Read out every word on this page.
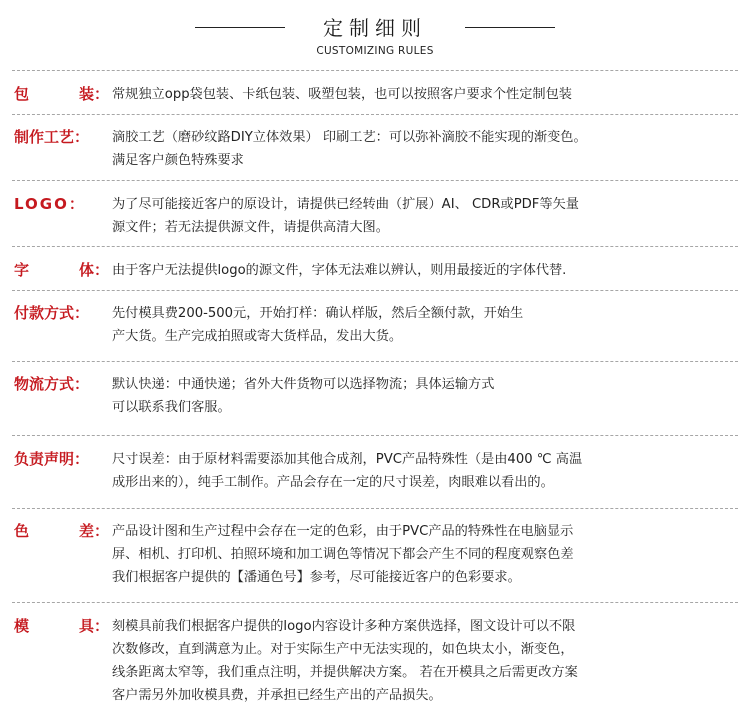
定制细则
CUSTOMIZING RULES
包	装： 常规独立opp袋包装、卡纸包装、吸塑包装，也可以按照客户要求个性定制包装
制作工艺：	滴胶工艺（磨砂纹路DIY立体效果） 印刷工艺：可以弥补滴胶不能实现的渐变色。
满足客户颜色特殊要求
LOGO：	为了尽可能接近客户的原设计，请提供已经转曲（扩展）AI、 CDR或PDF等矢量
源文件；若无法提供源文件，请提供高清大图。
字	体： 由于客户无法提供logo的源文件，字体无法难以辨认，则用最接近的字体代替.
付款方式：	先付模具费200-500元，开始打样：确认样版，然后全额付款，开始生
产大货。生产完成拍照或寄大货样品，发出大货。
物流方式：	默认快递：中通快递；省外大件货物可以选择物流；具体运输方式
可以联系我们客服。
负责声明：	尺寸误差：由于原材料需要添加其他合成剂，PVC产品特殊性（是由400 ℃ 高温
成形出来的），纯手工制作。产品会存在一定的尺寸误差，肉眼难以看出的。
色	差： 产品设计图和生产过程中会存在一定的色彩，由于PVC产品的特殊性在电脑显示
屏、相机、打印机、拍照环境和加工调色等情况下都会产生不同的程度观察色差
我们根据客户提供的【潘通色号】参考，尽可能接近客户的色彩要求。
模	具： 刻模具前我们根据客户提供的logo内容设计多种方案供选择，图文设计可以不限
次数修改，直到满意为止。对于实际生产中无法实现的，如色块太小，渐变色，
线条距离太窄等，我们重点注明，并提供解决方案。 若在开模具之后需更改方案
客户需另外加收模具费，并承担已经生产出的产品损失。
